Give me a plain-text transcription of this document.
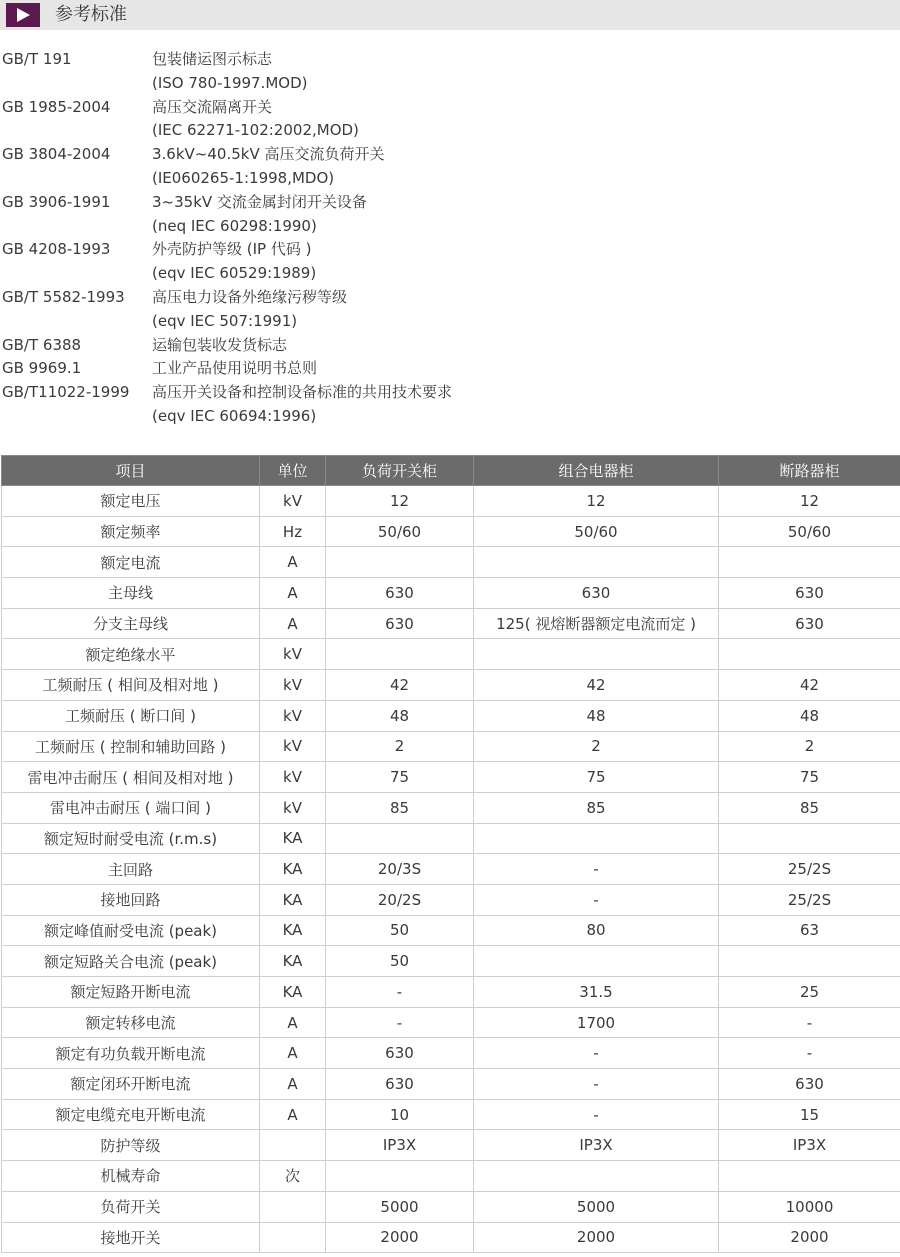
参考标准
GB/T 191	包装储运图示标志
(ISO 780-1997.MOD)
GB 1985-2004	高压交流隔离开关
(IEC 62271-102:2002,MOD)
GB 3804-2004	3.6kV~40.5kV 高压交流负荷开关
(IE060265-1:1998,MDO)
GB 3906-1991	3~35kV 交流金属封闭开关设备
(neq IEC 60298:1990)
GB 4208-1993	外壳防护等级 (IP 代码 )
(eqv IEC 60529:1989)
GB/T 5582-1993 高压电力设备外绝缘污秽等级
(eqv IEC 507:1991)
GB/T 6388	运输包装收发货标志
GB 9969.1	工业产品使用说明书总则
GB/T11022-1999 高压开关设备和控制设备标准的共用技术要求
(eqv IEC 60694:1996)
项目	单位	负荷开关柜	组合电器柜	断路器柜
额定电压	kV	12	12	12
额定频率	Hz	50/60	50/60	50/60
额定电流	A			
主母线	A	630	630	630
分支主母线	A	630	125( 视熔断器额定电流而定 )	630
额定绝缘水平	kV			
工频耐压 ( 相间及相对地 )	kV	42	42	42
工频耐压 ( 断口间 )	kV	48	48	48
工频耐压 ( 控制和辅助回路 )	kV	2	2	2
雷电冲击耐压 ( 相间及相对地 )	kV	75	75	75
雷电冲击耐压 ( 端口间 )	kV	85	85	85
额定短时耐受电流 (r.m.s)	KA			
主回路	KA	20/3S	-	25/2S
接地回路	KA	20/2S	-	25/2S
额定峰值耐受电流 (peak)	KA	50	80	63
额定短路关合电流 (peak)	KA	50		
额定短路开断电流	KA	-	31.5	25
额定转移电流	A	-	1700	-
额定有功负载开断电流	A	630	-	-
额定闭环开断电流	A	630	-	630
额定电缆充电开断电流	A	10	-	15
防护等级		IP3X	IP3X	IP3X
机械寿命	次			
负荷开关		5000	5000	10000
接地开关		2000	2000	2000
